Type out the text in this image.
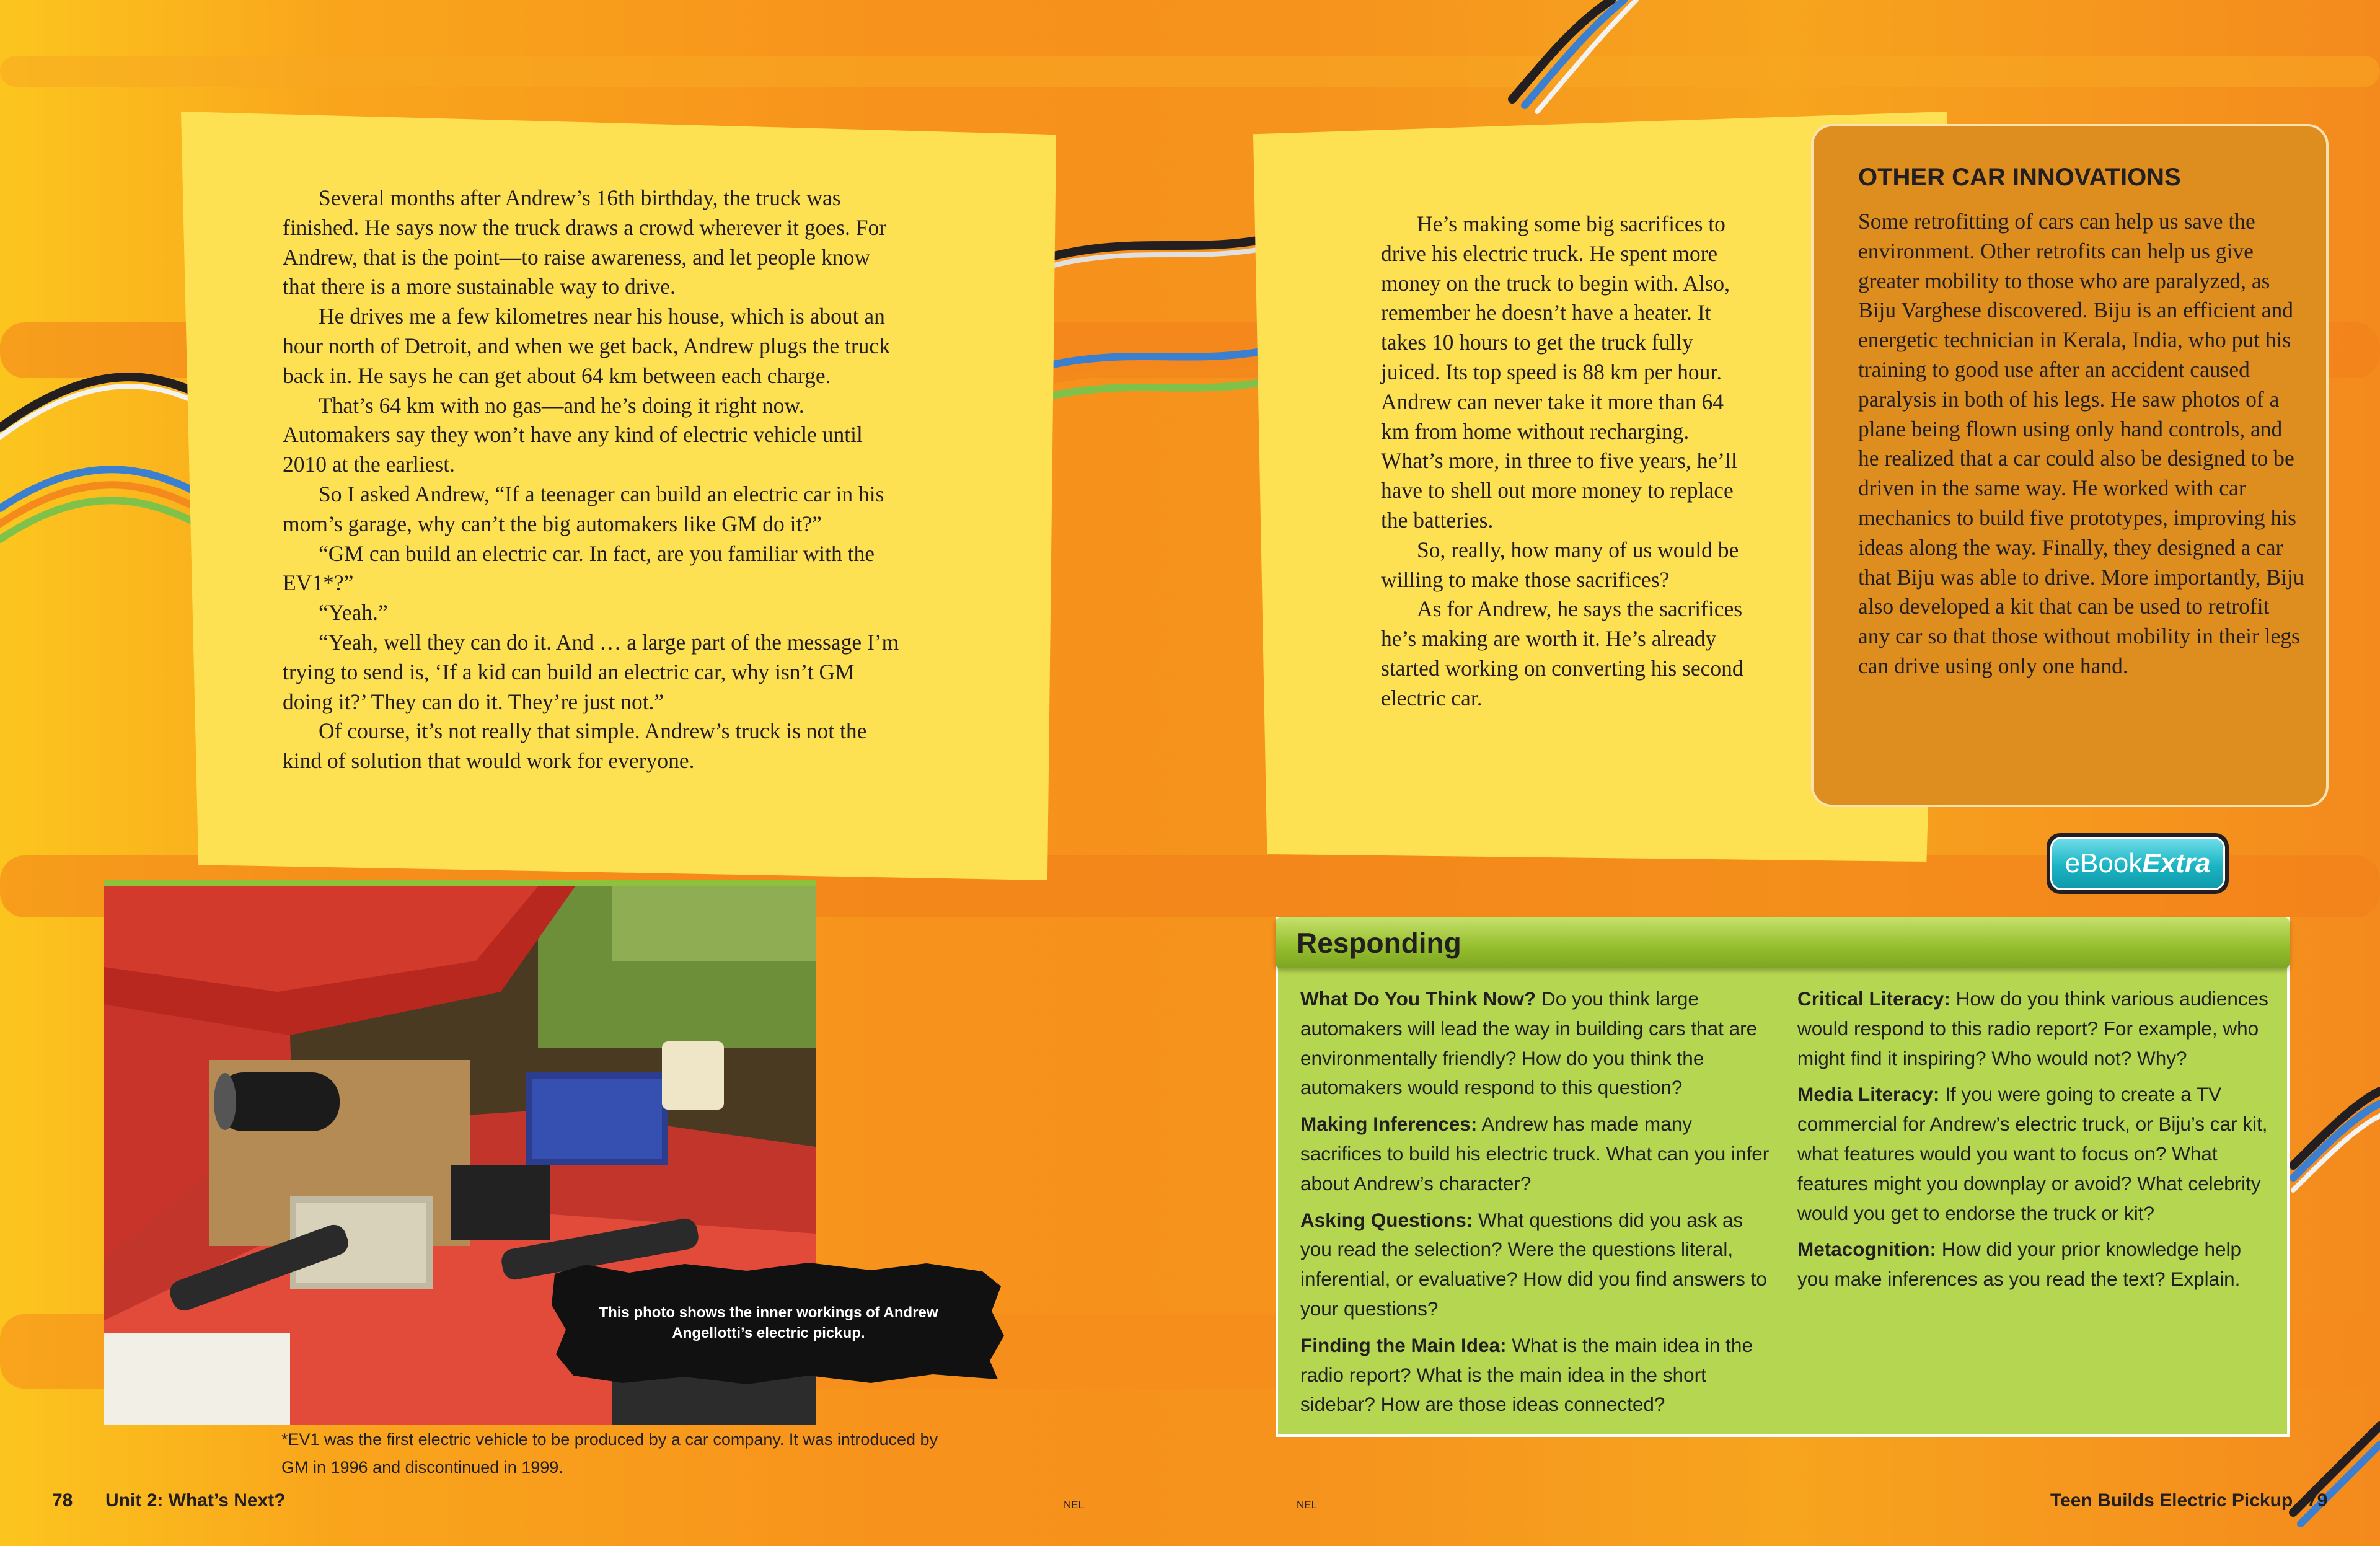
Several months after Andrew’s 16th birthday, the truck was finished. He says now the truck draws a crowd wherever it goes. For Andrew, that is the point—to raise awareness, and let people know that there is a more sustainable way to drive.

He drives me a few kilometres near his house, which is about an hour north of Detroit, and when we get back, Andrew plugs the truck back in. He says he can get about 64 km between each charge.

That’s 64 km with no gas—and he’s doing it right now. Automakers say they won’t have any kind of electric vehicle until 2010 at the earliest.

So I asked Andrew, “If a teenager can build an electric car in his mom’s garage, why can’t the big automakers like GM do it?”

“GM can build an electric car. In fact, are you familiar with the EV1*?”

“Yeah.”

“Yeah, well they can do it. And … a large part of the message I’m trying to send is, ‘If a kid can build an electric car, why isn’t GM doing it?’ They can do it. They’re just not.”

Of course, it’s not really that simple. Andrew’s truck is not the kind of solution that would work for everyone.

He’s making some big sacrifices to drive his electric truck. He spent more money on the truck to begin with. Also, remember he doesn’t have a heater. It takes 10 hours to get the truck fully juiced. Its top speed is 88 km per hour. Andrew can never take it more than 64 km from home without recharging. What’s more, in three to five years, he’ll have to shell out more money to replace the batteries.

So, really, how many of us would be willing to make those sacrifices?

As for Andrew, he says the sacrifices he’s making are worth it. He’s already started working on converting his second electric car.

OTHER CAR INNOVATIONS
Some retrofitting of cars can help us save the environment. Other retrofits can help us give greater mobility to those who are paralyzed, as Biju Varghese discovered. Biju is an efficient and energetic technician in Kerala, India, who put his training to good use after an accident caused paralysis in both of his legs. He saw photos of a plane being flown using only hand controls, and he realized that a car could also be designed to be driven in the same way. He worked with car mechanics to build five prototypes, improving his ideas along the way. Finally, they designed a car that Biju was able to drive. More importantly, Biju also developed a kit that can be used to retrofit any car so that those without mobility in their legs can drive using only one hand.
eBook Extra
Responding

What Do You Think Now? Do you think large automakers will lead the way in building cars that are environmentally friendly? How do you think the automakers would respond to this question?

Making Inferences: Andrew has made many sacrifices to build his electric truck. What can you infer about Andrew’s character?

Asking Questions: What questions did you ask as you read the selection? Were the questions literal, inferential, or evaluative? How did you find answers to your questions?

Finding the Main Idea: What is the main idea in the radio report? What is the main idea in the short sidebar? How are those ideas connected?

Critical Literacy: How do you think various audiences would respond to this radio report? For example, who might find it inspiring? Who would not? Why?

Media Literacy: If you were going to create a TV commercial for Andrew’s electric truck, or Biju’s car kit, what features would you want to focus on? What features might you downplay or avoid? What celebrity would you get to endorse the truck or kit?

Metacognition: How did your prior knowledge help you make inferences as you read the text? Explain.

This photo shows the inner workings of Andrew Angellotti’s electric pickup.
*EV1 was the first electric vehicle to be produced by a car company. It was introduced by GM in 1996 and discontinued in 1999.
78 Unit 2: What’s Next?	NEL	NEL	Teen Builds Electric Pickup 79
